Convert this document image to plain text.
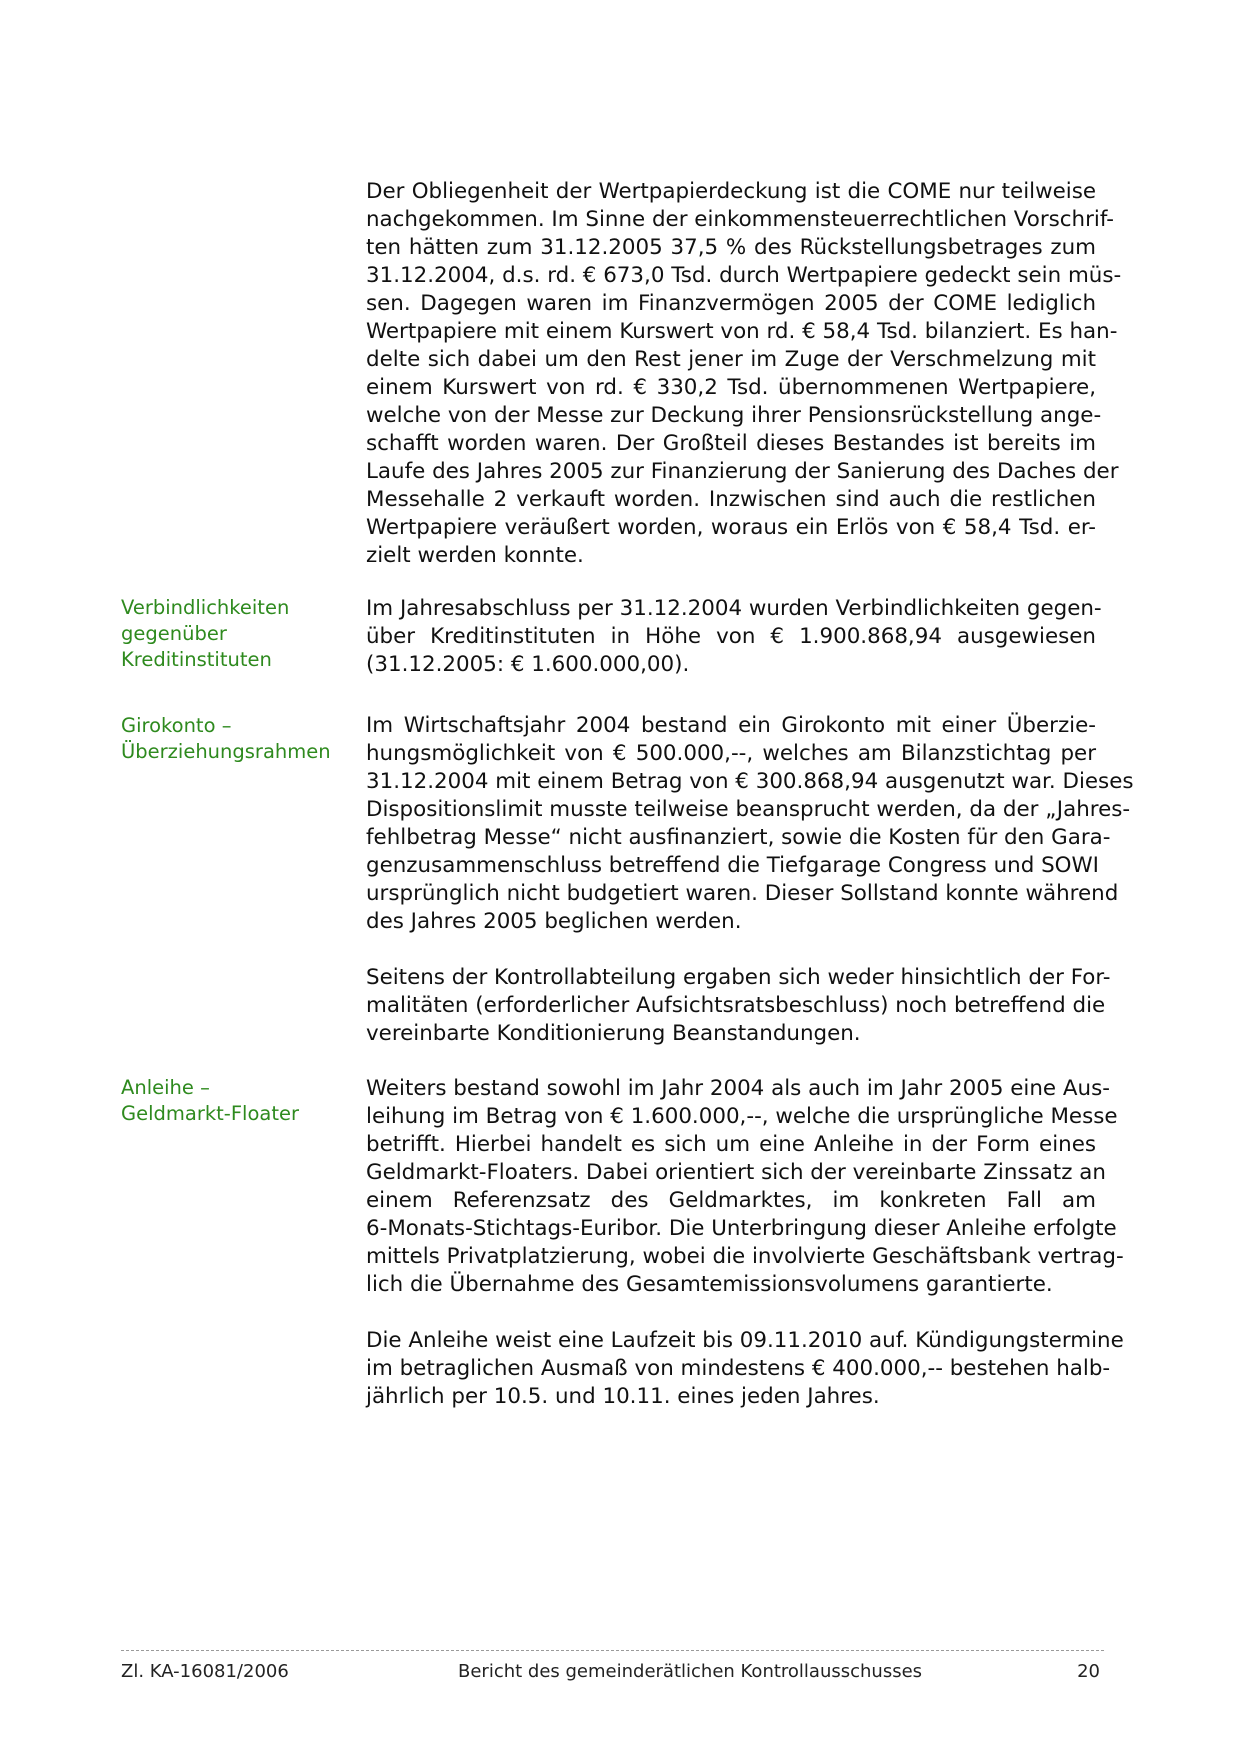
Der Obliegenheit der Wertpapierdeckung ist die COME nur teilweise
nachgekommen. Im Sinne der einkommensteuerrechtlichen Vorschrif-
ten hätten zum 31.12.2005 37,5 % des Rückstellungsbetrages zum
31.12.2004, d.s. rd. € 673,0 Tsd. durch Wertpapiere gedeckt sein müs-
sen. Dagegen waren im Finanzvermögen 2005 der COME lediglich
Wertpapiere mit einem Kurswert von rd. € 58,4 Tsd. bilanziert. Es han-
delte sich dabei um den Rest jener im Zuge der Verschmelzung mit
einem Kurswert von rd. € 330,2 Tsd. übernommenen Wertpapiere,
welche von der Messe zur Deckung ihrer Pensionsrückstellung ange-
schafft worden waren. Der Großteil dieses Bestandes ist bereits im
Laufe des Jahres 2005 zur Finanzierung der Sanierung des Daches der
Messehalle 2 verkauft worden. Inzwischen sind auch die restlichen
Wertpapiere veräußert worden, woraus ein Erlös von € 58,4 Tsd. er-
zielt werden konnte.
Verbindlichkeiten
gegenüber
Kreditinstituten
Im Jahresabschluss per 31.12.2004 wurden Verbindlichkeiten gegen-
über Kreditinstituten in Höhe von € 1.900.868,94 ausgewiesen
(31.12.2005: € 1.600.000,00).
Girokonto –
Überziehungsrahmen
Im Wirtschaftsjahr 2004 bestand ein Girokonto mit einer Überzie-
hungsmöglichkeit von € 500.000,--, welches am Bilanzstichtag per
31.12.2004 mit einem Betrag von € 300.868,94 ausgenutzt war. Dieses
Dispositionslimit musste teilweise beansprucht werden, da der „Jahres-
fehlbetrag Messe“ nicht ausfinanziert, sowie die Kosten für den Gara-
genzusammenschluss betreffend die Tiefgarage Congress und SOWI
ursprünglich nicht budgetiert waren. Dieser Sollstand konnte während
des Jahres 2005 beglichen werden.
Seitens der Kontrollabteilung ergaben sich weder hinsichtlich der For-
malitäten (erforderlicher Aufsichtsratsbeschluss) noch betreffend die
vereinbarte Konditionierung Beanstandungen.
Anleihe –
Geldmarkt-Floater
Weiters bestand sowohl im Jahr 2004 als auch im Jahr 2005 eine Aus-
leihung im Betrag von € 1.600.000,--, welche die ursprüngliche Messe
betrifft. Hierbei handelt es sich um eine Anleihe in der Form eines
Geldmarkt-Floaters. Dabei orientiert sich der vereinbarte Zinssatz an
einem Referenzsatz des Geldmarktes, im konkreten Fall am
6-Monats-Stichtags-Euribor. Die Unterbringung dieser Anleihe erfolgte
mittels Privatplatzierung, wobei die involvierte Geschäftsbank vertrag-
lich die Übernahme des Gesamtemissionsvolumens garantierte.
Die Anleihe weist eine Laufzeit bis 09.11.2010 auf. Kündigungstermine
im betraglichen Ausmaß von mindestens € 400.000,-- bestehen halb-
jährlich per 10.5. und 10.11. eines jeden Jahres.
Zl. KA-16081/2006	Bericht des gemeinderätlichen Kontrollausschusses	20
